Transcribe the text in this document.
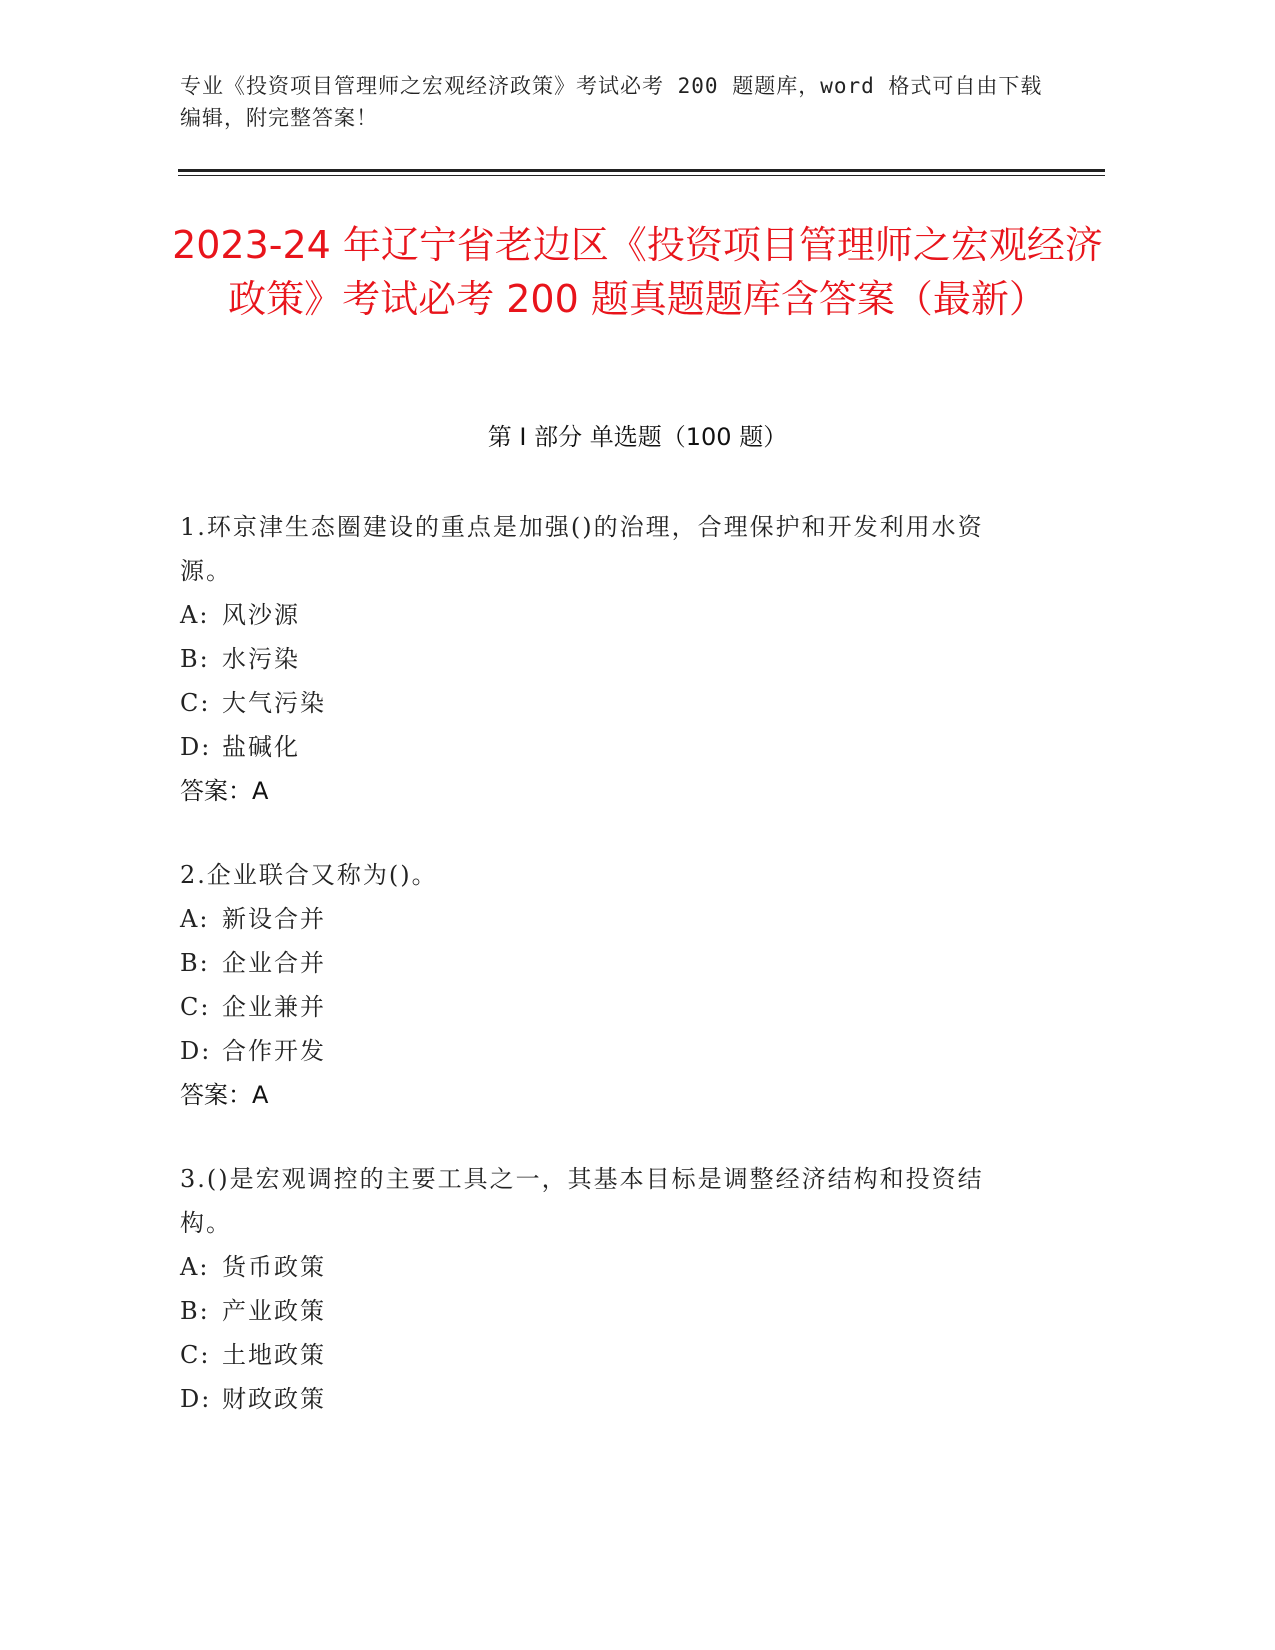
专业《投资项目管理师之宏观经济政策》考试必考 200 题题库，word 格式可自由下载编辑，附完整答案！
2023-24 年辽宁省老边区《投资项目管理师之宏观经济政策》考试必考 200 题真题题库含答案（最新）
第 I 部分 单选题（100 题）
1.环京津生态圈建设的重点是加强()的治理，合理保护和开发利用水资源。
A: 风沙源
B: 水污染
C: 大气污染
D: 盐碱化
答案：A
2.企业联合又称为()。
A: 新设合并
B: 企业合并
C: 企业兼并
D: 合作开发
答案：A
3.()是宏观调控的主要工具之一，其基本目标是调整经济结构和投资结构。
A: 货币政策
B: 产业政策
C: 土地政策
D: 财政政策
